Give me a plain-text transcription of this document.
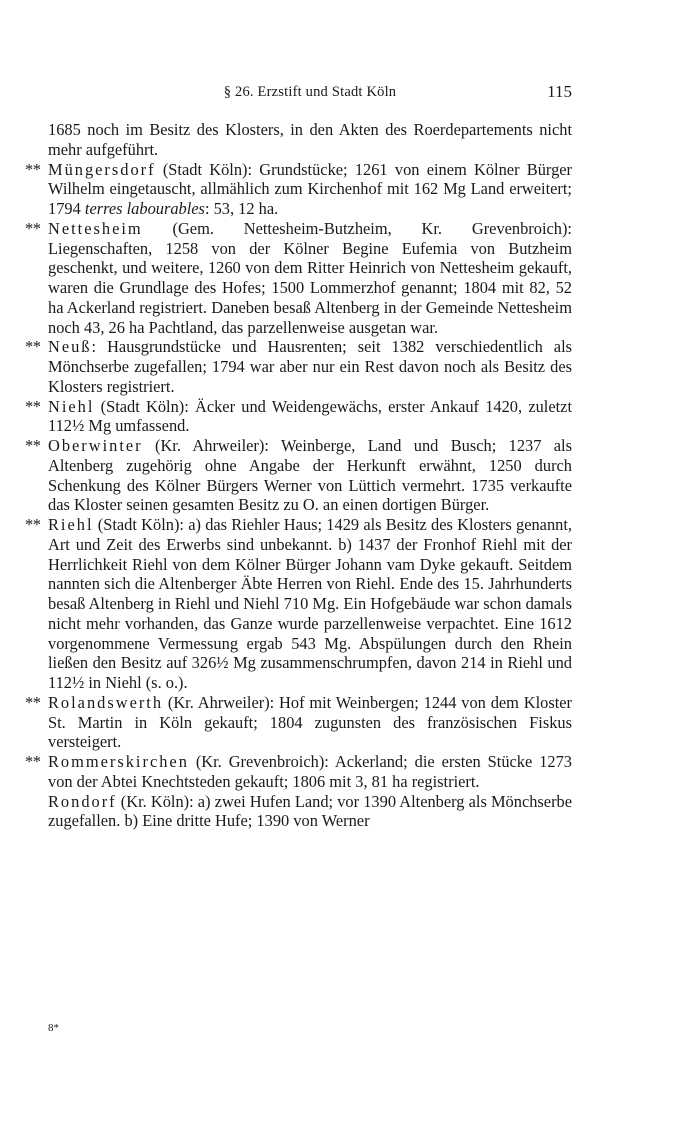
§ 26. Erzstift und Stadt Köln	115

1685 noch im Besitz des Klosters, in den Akten des Roerdepartements nicht mehr aufgeführt.

** Müngersdorf (Stadt Köln): Grundstücke; 1261 von einem Kölner Bürger Wilhelm eingetauscht, allmählich zum Kirchenhof mit 162 Mg Land erweitert; 1794 terres labourables: 53, 12 ha.

** Nettesheim (Gem. Nettesheim-Butzheim, Kr. Grevenbroich): Liegenschaften, 1258 von der Kölner Begine Eufemia von Butzheim geschenkt, und weitere, 1260 von dem Ritter Heinrich von Nettesheim gekauft, waren die Grundlage des Hofes; 1500 Lommerzhof genannt; 1804 mit 82, 52 ha Ackerland registriert. Daneben besaß Altenberg in der Gemeinde Nettesheim noch 43, 26 ha Pachtland, das parzellenweise ausgetan war.

** Neuß: Hausgrundstücke und Hausrenten; seit 1382 verschiedentlich als Mönchserbe zugefallen; 1794 war aber nur ein Rest davon noch als Besitz des Klosters registriert.

** Niehl (Stadt Köln): Äcker und Weidengewächs, erster Ankauf 1420, zuletzt 112½ Mg umfassend.

** Oberwinter (Kr. Ahrweiler): Weinberge, Land und Busch; 1237 als Altenberg zugehörig ohne Angabe der Herkunft erwähnt, 1250 durch Schenkung des Kölner Bürgers Werner von Lüttich vermehrt. 1735 verkaufte das Kloster seinen gesamten Besitz zu O. an einen dortigen Bürger.

** Riehl (Stadt Köln): a) das Riehler Haus; 1429 als Besitz des Klosters genannt, Art und Zeit des Erwerbs sind unbekannt. b) 1437 der Fronhof Riehl mit der Herrlichkeit Riehl von dem Kölner Bürger Johann vam Dyke gekauft. Seitdem nannten sich die Altenberger Äbte Herren von Riehl. Ende des 15. Jahrhunderts besaß Altenberg in Riehl und Niehl 710 Mg. Ein Hofgebäude war schon damals nicht mehr vorhanden, das Ganze wurde parzellenweise verpachtet. Eine 1612 vorgenommene Vermessung ergab 543 Mg. Abspülungen durch den Rhein ließen den Besitz auf 326½ Mg zusammenschrumpfen, davon 214 in Riehl und 112½ in Niehl (s. o.).

** Rolandswerth (Kr. Ahrweiler): Hof mit Weinbergen; 1244 von dem Kloster St. Martin in Köln gekauft; 1804 zugunsten des französischen Fiskus versteigert.

** Rommerskirchen (Kr. Grevenbroich): Ackerland; die ersten Stücke 1273 von der Abtei Knechtsteden gekauft; 1806 mit 3, 81 ha registriert.

Rondorf (Kr. Köln): a) zwei Hufen Land; vor 1390 Altenberg als Mönchserbe zugefallen. b) Eine dritte Hufe; 1390 von Werner

8*
